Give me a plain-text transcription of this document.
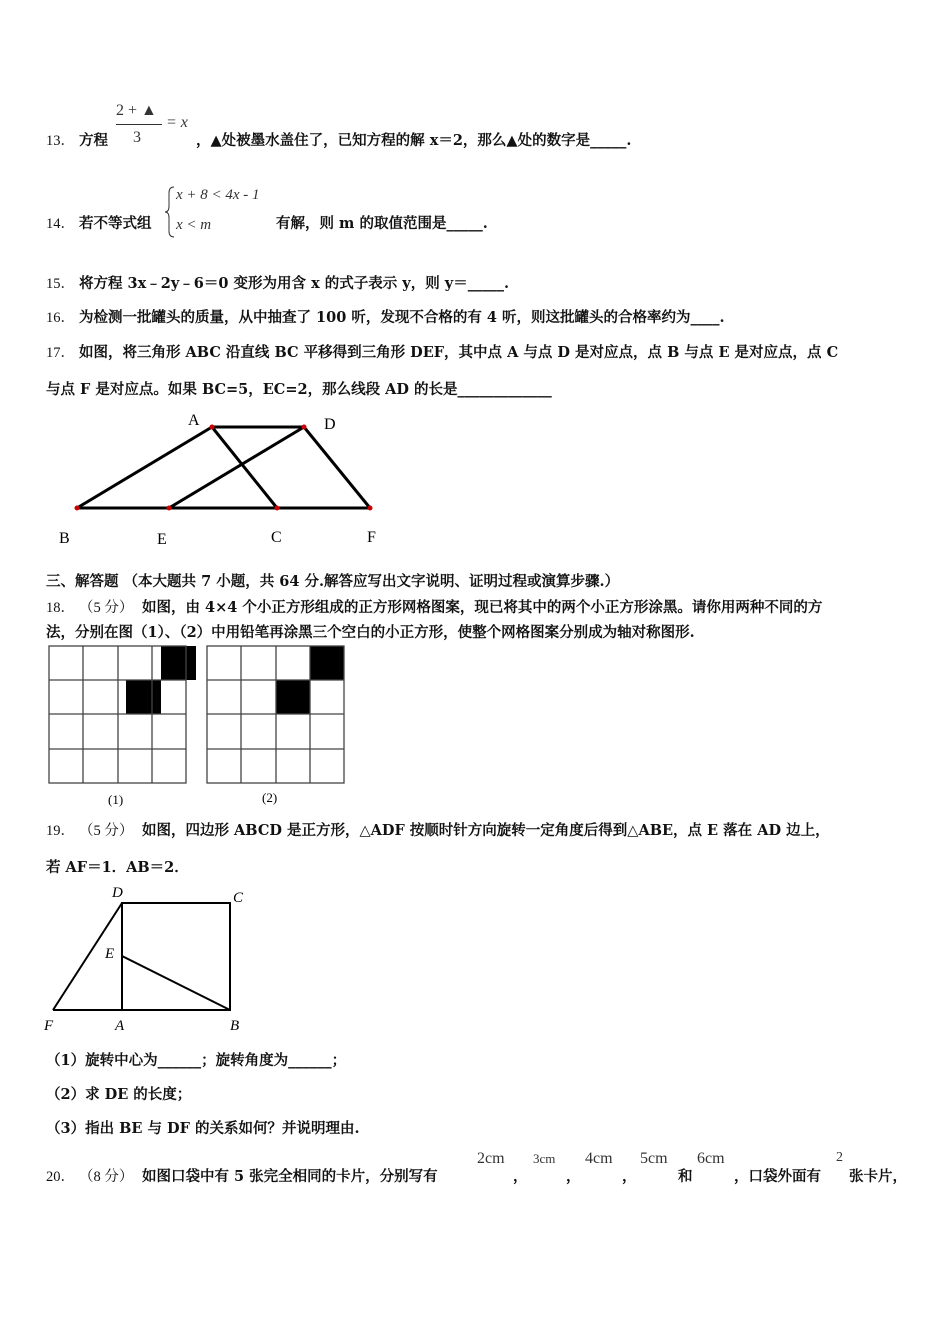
13． 方程
2 + ▲
3
= x
，▲处被墨水盖住了，已知方程的解 x＝2，那么▲处的数字是_____.
14． 若不等式组
x + 8 < 4x - 1
x < m	有解，则 m 的取值范围是_____.
15． 将方程 3x﹣2y﹣6＝0 变形为用含 x 的式子表示 y，则 y＝_____.
16． 为检测一批罐头的质量，从中抽查了 100 听，发现不合格的有 4 听，则这批罐头的合格率约为____.
17． 如图，将三角形 ABC 沿直线 BC 平移得到三角形 DEF，其中点 A 与点 D 是对应点，点 B 与点 E 是对应点，点 C
与点 F 是对应点。如果 BC=5，EC=2，那么线段 AD 的长是_____________
A	D
B	E	C	F
三、解答题 （本大题共 7 小题，共 64 分.解答应写出文字说明、证明过程或演算步骤.）
18． （5 分） 如图，由 4×4 个小正方形组成的正方形网格图案，现已将其中的两个小正方形涂黑。请你用两种不同的方
法，分别在图（1）、（2）中用铅笔再涂黑三个空白的小正方形，使整个网格图案分别成为轴对称图形.
(1)	(2)
19． （5 分） 如图，四边形 ABCD 是正方形，△ADF 按顺时针方向旋转一定角度后得到△ABE，点 E 落在 AD 边上，
若 AF＝1．AB＝2．
D	C
E
F	A	B
（1）旋转中心为______；旋转角度为______；
（2）求 DE 的长度；
（3）指出 BE 与 DF 的关系如何？并说明理由.
20． （8 分） 如图口袋中有 5 张完全相同的卡片，分别写有
2cm
，
3cm
，
4cm
，
5cm
和
6cm
，口袋外面有
2
张卡片，
